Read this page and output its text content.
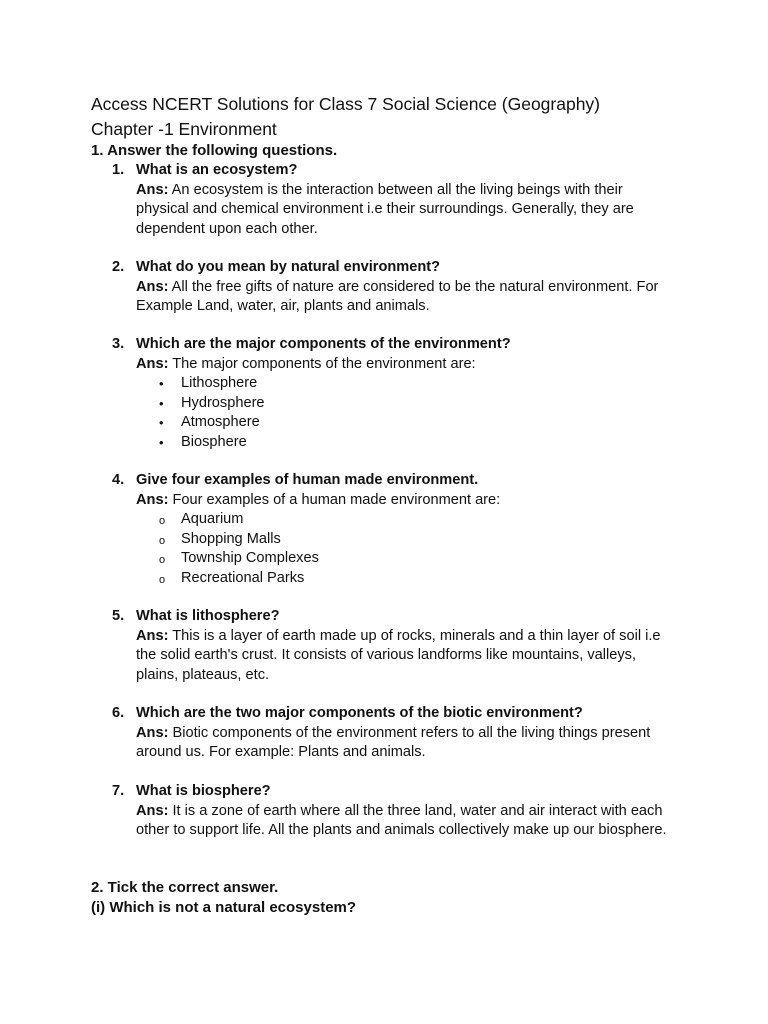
Access NCERT Solutions for Class 7 Social Science (Geography)
Chapter -1 Environment
1. Answer the following questions.
1. What is an ecosystem?
Ans: An ecosystem is the interaction between all the living beings with their physical and chemical environment i.e their surroundings. Generally, they are dependent upon each other.
2. What do you mean by natural environment?
Ans: All the free gifts of nature are considered to be the natural environment. For Example Land, water, air, plants and animals.
3. Which are the major components of the environment?
Ans: The major components of the environment are:
• Lithosphere
• Hydrosphere
• Atmosphere
• Biosphere
4. Give four examples of human made environment.
Ans: Four examples of a human made environment are:
o Aquarium
o Shopping Malls
o Township Complexes
o Recreational Parks
5. What is lithosphere?
Ans: This is a layer of earth made up of rocks, minerals and a thin layer of soil i.e the solid earth's crust. It consists of various landforms like mountains, valleys, plains, plateaus, etc.
6. Which are the two major components of the biotic environment?
Ans: Biotic components of the environment refers to all the living things present around us. For example: Plants and animals.
7. What is biosphere?
Ans: It is a zone of earth where all the three land, water and air interact with each other to support life. All the plants and animals collectively make up our biosphere.
2. Tick the correct answer.
(i) Which is not a natural ecosystem?
